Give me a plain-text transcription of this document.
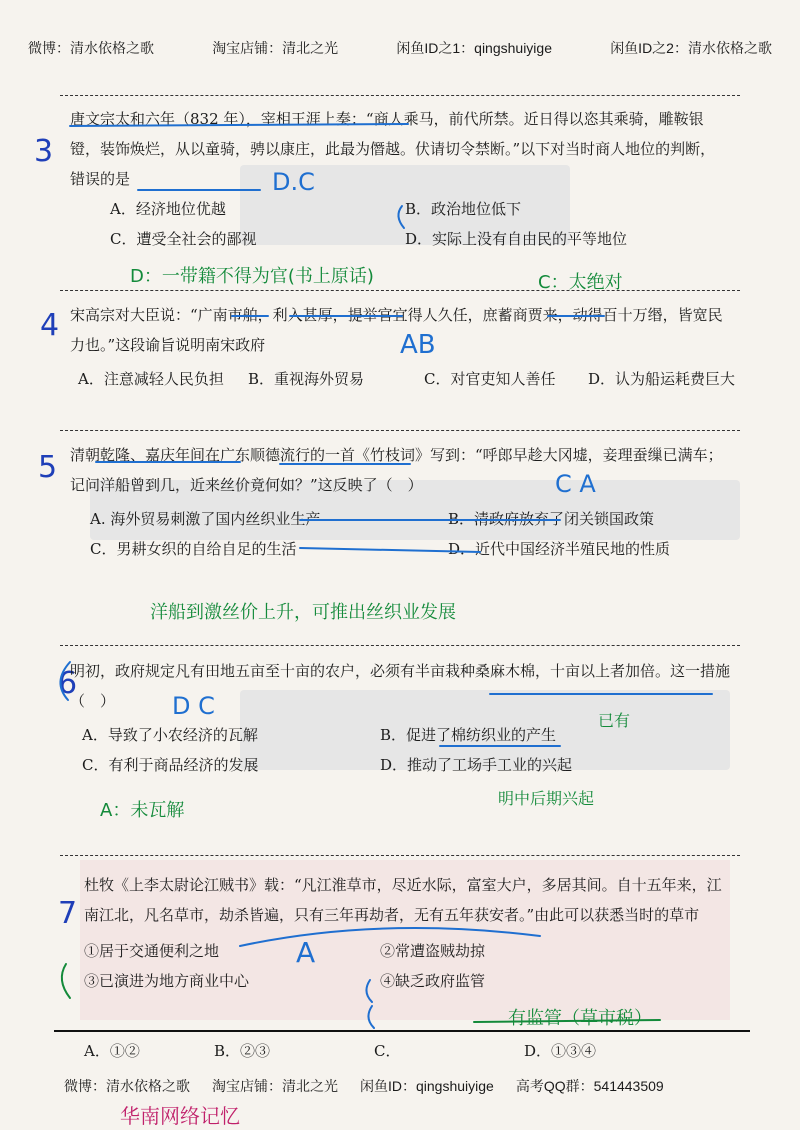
微博：清水依格之歌	淘宝店铺：清北之光	闲鱼ID之1：qingshuiyige	闲鱼ID之2：清水依格之歌
3

唐文宗太和六年（832 年），宰相王涯上奏：“商人乘马，前代所禁。近日得以恣其乘骑，雕鞍银镫，装饰焕烂，从以童骑，骋以康庄，此最为僭越。伏请切令禁断。”以下对当时商人地位的判断，错误的是

A．经济地位优越	B．政治地位低下
C．遭受全社会的鄙视	D．实际上没有自由民的平等地位
D.C
D：一带籍不得为官(书上原话)	C：太绝对
4 宋高宗对大臣说：“广南市舶，利入甚厚，提举官宜得人久任，庶蓄商贾来，动得百十万缗，皆宽民力也。”这段谕旨说明南宋政府

A．注意减轻人民负担 B．重视海外贸易	C．对官吏知人善任 D．认为船运耗费巨大
AB
5 清朝乾隆、嘉庆年间在广东顺德流行的一首《竹枝词》写到：“呼郎早趁大冈墟，妾理蚕缫已满车；记问洋船曾到几，近来丝价竟何如？”这反映了（　）

A. 海外贸易刺激了国内丝织业生产	B．清政府放弃了闭关锁国政策
C．男耕女织的自给自足的生活	D．近代中国经济半殖民地的性质
C A
洋船到激丝价上升，可推出丝织业发展
6

明初，政府规定凡有田地五亩至十亩的农户，必须有半亩栽种桑麻木棉，十亩以上者加倍。这一措施（　）

A．导致了小农经济的瓦解	B．促进了棉纺织业的产生
C．有利于商品经济的发展	D．推动了工场手工业的兴起
D C
已有
明中后期兴起
A：未瓦解
7

杜牧《上李太尉论江贼书》载：“凡江淮草市，尽近水际，富室大户，多居其间。自十五年来，江南江北，凡名草市，劫杀皆遍，只有三年再劫者，无有五年获安者。”由此可以获悉当时的草市

①居于交通便利之地	②常遭盗贼劫掠
③已演进为地方商业中心	④缺乏政府监管
A．①②	B．②③	C．	D．①③④
A
有监管（草市税）
微博：清水依格之歌 淘宝店铺：清北之光 闲鱼ID：qingshuiyige 高考QQ群：541443509
华南网络记忆
